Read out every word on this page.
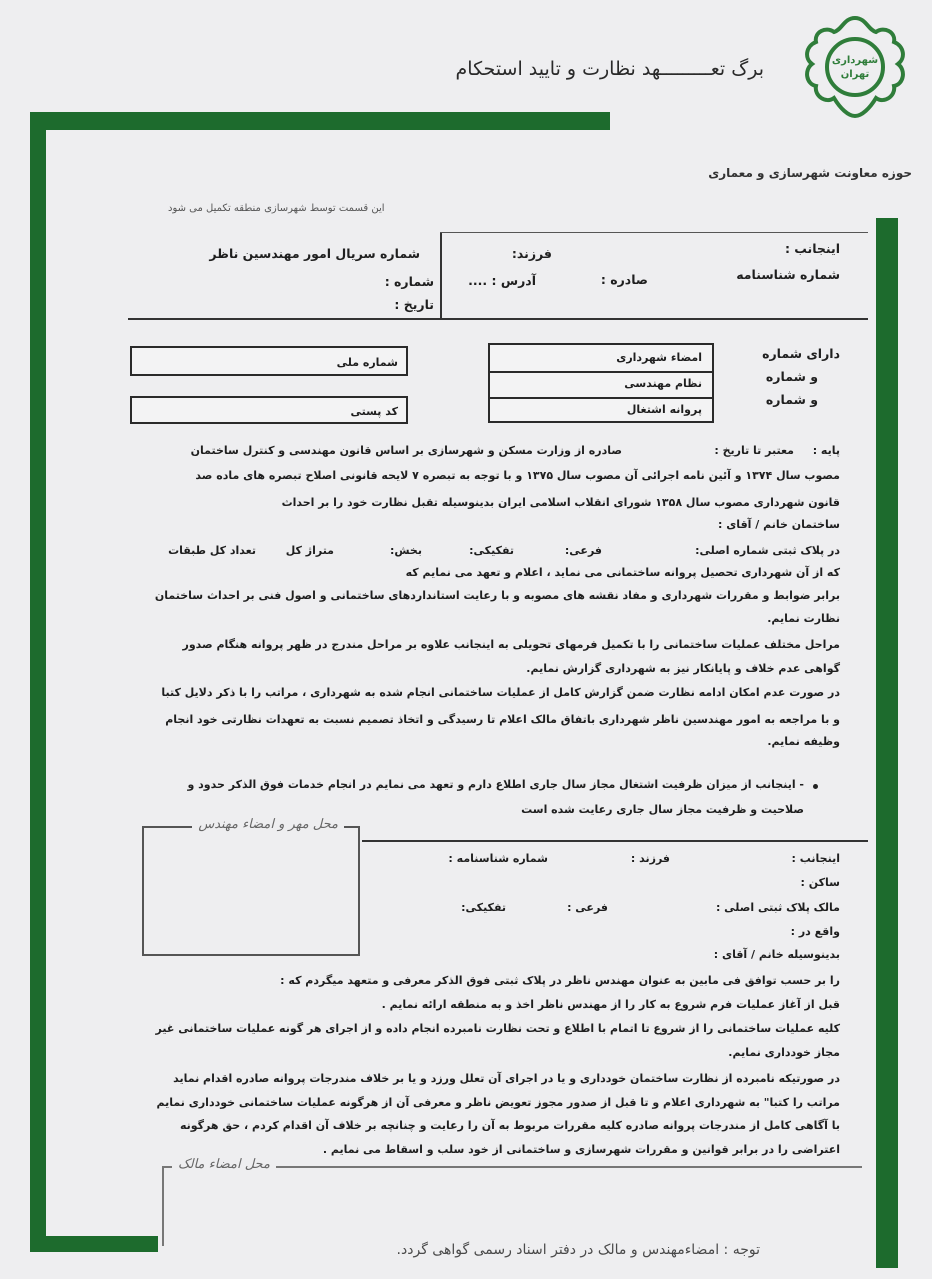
شهرداری تهران
برگ تعـــــــــهد نظارت و تایید استحکام
حوزه معاونت شهرسازی و معماری
این قسمت توسط شهرسازی منطقه تکمیل می شود
شماره سریال امور مهندسین ناظر
شماره :
تاریخ :
اینجانب :
فرزند:
شماره شناسنامه
صادره :
آدرس : ....
دارای شماره
و شماره
و شماره
امضاء شهرداری
نظام مهندسی
پروانه اشتغال
شماره ملی
کد پستی
پایه :
معتبر تا تاریخ :
صادره از وزارت مسکن و شهرسازی بر اساس قانون مهندسی و کنترل ساختمان
مصوب سال ۱۳۷۴ و آئین نامه اجرائی آن مصوب سال ۱۳۷۵ و با توجه به تبصره ۷ لایحه قانونی اصلاح تبصره های ماده صد
قانون شهرداری مصوب سال ۱۳۵۸ شورای انقلاب اسلامی ایران بدینوسیله تقبل نظارت خود را بر احداث
ساختمان خانم / آقای :
در پلاک ثبتی شماره اصلی:
فرعی:
تفکیکی:
بخش:
متراژ کل
تعداد کل طبقات
که از آن شهرداری تحصیل پروانه ساختمانی می نماید ، اعلام و تعهد می نمایم که
برابر ضوابط و مقررات شهرداری و مفاد نقشه های مصوبه و با رعایت استانداردهای ساختمانی و اصول فنی بر احداث ساختمان
نظارت نمایم.
مراحل مختلف عملیات ساختمانی را با تکمیل فرمهای تحویلی به اینجانب علاوه بر مراحل مندرج در ظهر پروانه هنگام صدور
گواهی عدم خلاف و پایانکار نیز به شهرداری گزارش نمایم.
در صورت عدم امکان ادامه نظارت ضمن گزارش کامل از عملیات ساختمانی انجام شده به شهرداری ، مراتب را با ذکر دلایل کتبا
و با مراجعه به امور مهندسین ناظر شهرداری باتفاق مالک اعلام تا رسیدگی و اتخاذ تصمیم نسبت به تعهدات نظارتی خود انجام
وظیفه نمایم.
- اینجانب از میزان ظرفیت اشتغال مجاز سال جاری اطلاع دارم و تعهد می نمایم در انجام خدمات فوق الذکر حدود و
صلاحیت و ظرفیت مجاز سال جاری رعایت شده است
محل مهر و امضاء مهندس
اینجانب :
فرزند :
شماره شناسنامه :
ساکن :
مالک پلاک ثبتی اصلی :
فرعی :
تفکیکی:
واقع در :
بدینوسیله خانم / آقای :
را بر حسب توافق فی مابین به عنوان مهندس ناظر در پلاک ثبتی فوق الذکر معرفی و متعهد میگردم که :
قبل از آغاز عملیات فرم شروع به کار را از مهندس ناظر اخذ و به منطقه ارائه نمایم .
کلیه عملیات ساختمانی را از شروع تا اتمام با اطلاع و تحت نظارت نامبرده انجام داده و از اجرای هر گونه عملیات ساختمانی غیر
مجاز خودداری نمایم.
در صورتیکه نامبرده از نظارت ساختمان خودداری و یا در اجرای آن تعلل ورزد و یا بر خلاف مندرجات پروانه صادره اقدام نماید
مراتب را کتبا" به شهرداری اعلام و تا قبل از صدور مجوز تعویض ناظر و معرفی آن از هرگونه عملیات ساختمانی خودداری نمایم
با آگاهی کامل از مندرجات پروانه صادره کلیه مقررات مربوط به آن را رعایت و چنانچه بر خلاف آن اقدام کردم ، حق هرگونه
اعتراضی را در برابر قوانین و مقررات شهرسازی و ساختمانی از خود سلب و اسقاط می نمایم .
محل امضاء مالک
توجه : امضاءمهندس و مالک در دفتر اسناد رسمی گواهی گردد.
